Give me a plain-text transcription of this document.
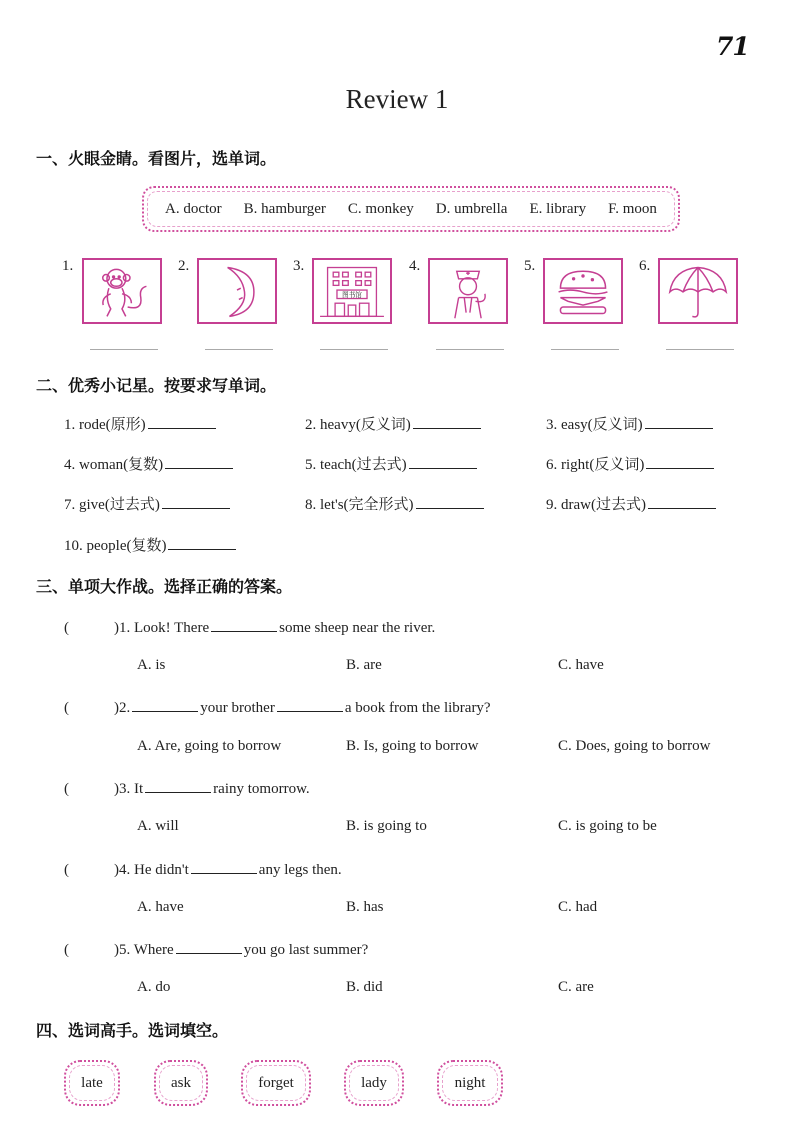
71
Review 1
一、火眼金睛。看图片，选单词。
A. doctor B. hamburger C. monkey D. umbrella E. library F. moon
1.	2.	3.
图书馆
4.	5.	6.
二、优秀小记星。按要求写单词。
1. rode(原形)	2. heavy(反义词)	3. easy(反义词)
4. woman(复数)	5. teach(过去式)	6. right(反义词)
7. give(过去式)	8. let's(完全形式)	9. draw(过去式)
10. people(复数)
三、单项大作战。选择正确的答案。
(	)1. Look! There	some sheep near the river.
A. is	B. are	C. have
(	)2.	your brother	a book from the library?
A. Are, going to borrow	B. Is, going to borrow	C. Does, going to borrow
(	)3. It	rainy tomorrow.
A. will	B. is going to	C. is going to be
(	)4. He didn't	any legs then.
A. have	B. has	C. had
(	)5. Where	you go last summer?
A. do	B. did	C. are
四、选词高手。选词填空。
late	ask	forget	lady	night
